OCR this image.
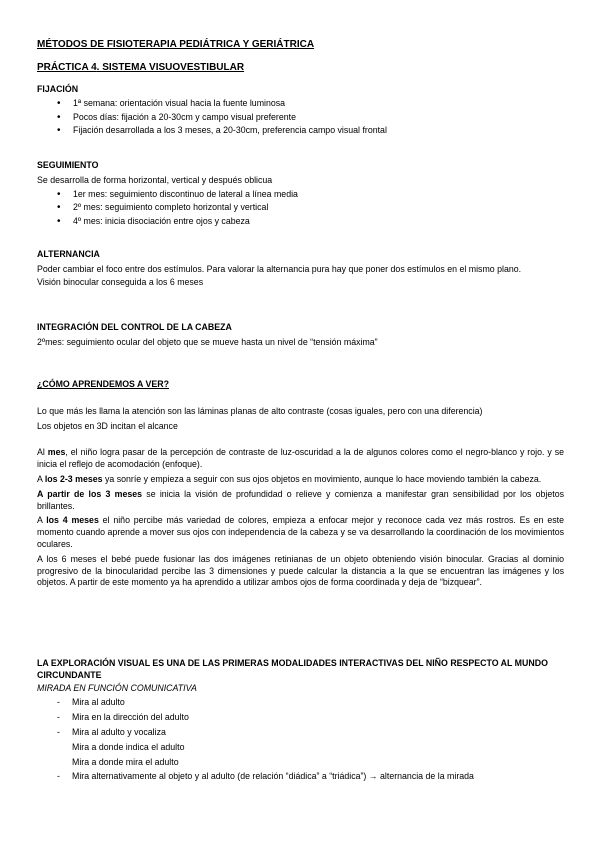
MÉTODOS DE FISIOTERAPIA PEDIÁTRICA Y GERIÁTRICA
PRÁCTICA 4. SISTEMA VISUOVESTIBULAR

FIJACIÓN

• 1ª semana: orientación visual hacia la fuente luminosa
• Pocos días: fijación a 20-30cm y campo visual preferente
• Fijación desarrollada a los 3 meses, a 20-30cm, preferencia campo visual frontal

SEGUIMIENTO

Se desarrolla de forma horizontal, vertical y después oblicua

• 1er mes: seguimiento discontinuo de lateral a línea media
• 2º mes: seguimiento completo horizontal y vertical
• 4º mes: inicia disociación entre ojos y cabeza

ALTERNANCIA

Poder cambiar el foco entre dos estímulos. Para valorar la alternancia pura hay que poner dos estímulos en el mismo plano.

Visión binocular conseguida a los 6 meses

INTEGRACIÓN DEL CONTROL DE LA CABEZA

2ºmes: seguimiento ocular del objeto que se mueve hasta un nivel de “tensión máxima”

¿CÓMO APRENDEMOS A VER?

Lo que más les llama la atención son las láminas planas de alto contraste (cosas iguales, pero con una diferencia)

Los objetos en 3D incitan el alcance

Al mes, el niño logra pasar de la percepción de contraste de luz-oscuridad a la de algunos colores como el negro-blanco y rojo. y se inicia el reflejo de acomodación (enfoque).

A los 2-3 meses ya sonríe y empieza a seguir con sus ojos objetos en movimiento, aunque lo hace moviendo también la cabeza.

A partir de los 3 meses se inicia la visión de profundidad o relieve y comienza a manifestar gran sensibilidad por los objetos brillantes.

A los 4 meses el niño percibe más variedad de colores, empieza a enfocar mejor y reconoce cada vez más rostros. Es en este momento cuando aprende a mover sus ojos con independencia de la cabeza y se va desarrollando la coordinación de los movimientos oculares.

A los 6 meses el bebé puede fusionar las dos imágenes retinianas de un objeto obteniendo visión binocular. Gracias al dominio progresivo de la binocularidad percibe las 3 dimensiones y puede calcular la distancia a la que se encuentran las imágenes y los objetos. A partir de este momento ya ha aprendido a utilizar ambos ojos de forma coordinada y deja de “bizquear”.

LA EXPLORACIÓN VISUAL ES UNA DE LAS PRIMERAS MODALIDADES INTERACTIVAS DEL NIÑO RESPECTO AL MUNDO CIRCUNDANTE

MIRADA EN FUNCIÓN COMUNICATIVA

- Mira al adulto
- Mira en la dirección del adulto
- Mira al adulto y vocaliza
Mira a donde indica el adulto
Mira a donde mira el adulto
- Mira alternativamente al objeto y al adulto (de relación “diádica” a “triádica”) → alternancia de la mirada
